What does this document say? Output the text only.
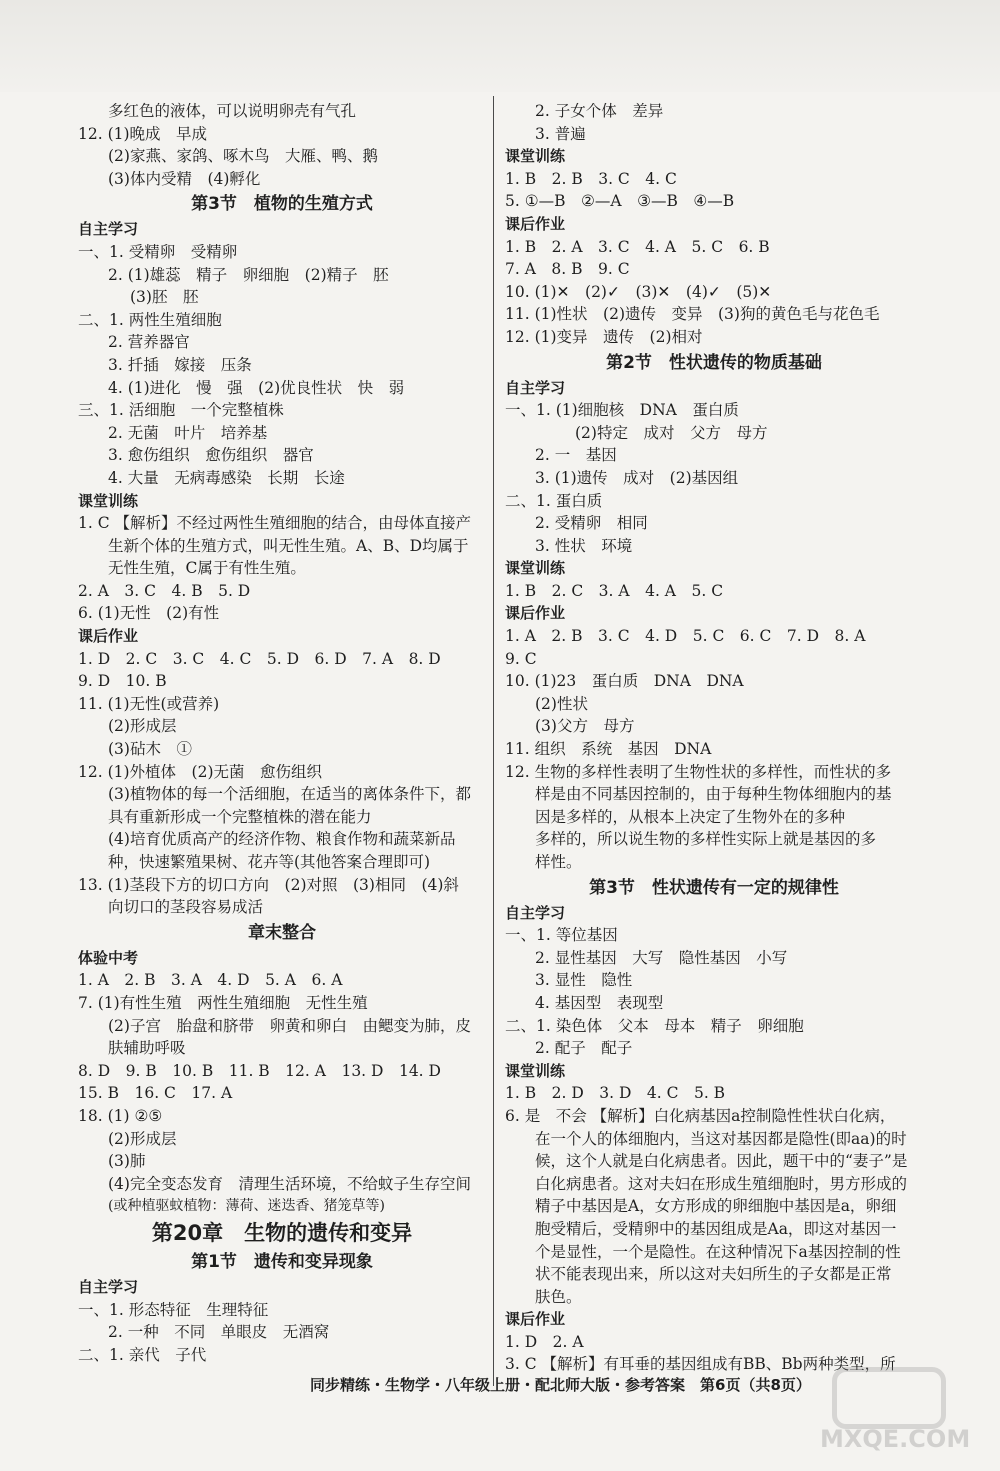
多红色的液体，可以说明卵壳有气孔
12. (1)晚成　早成
(2)家燕、家鸽、啄木鸟　大雁、鸭、鹅
(3)体内受精　(4)孵化
第3节　植物的生殖方式
自主学习
一、1. 受精卵　受精卵
2. (1)雄蕊　精子　卵细胞　(2)精子　胚
(3)胚　胚
二、1. 两性生殖细胞
2. 营养器官
3. 扦插　嫁接　压条
4. (1)进化　慢　强　(2)优良性状　快　弱
三、1. 活细胞　一个完整植株
2. 无菌　叶片　培养基
3. 愈伤组织　愈伤组织　器官
4. 大量　无病毒感染　长期　长途
课堂训练
1. C 【解析】不经过两性生殖细胞的结合，由母体直接产
生新个体的生殖方式，叫无性生殖。A、B、D均属于
无性生殖，C属于有性生殖。
2. A　3. C　4. B　5. D
6. (1)无性　(2)有性
课后作业
1. D　2. C　3. C　4. C　5. D　6. D　7. A　8. D
9. D　10. B
11. (1)无性(或营养)
(2)形成层
(3)砧木　①
12. (1)外植体　(2)无菌　愈伤组织
(3)植物体的每一个活细胞，在适当的离体条件下，都
具有重新形成一个完整植株的潜在能力
(4)培育优质高产的经济作物、粮食作物和蔬菜新品
种，快速繁殖果树、花卉等(其他答案合理即可)
13. (1)茎段下方的切口方向　(2)对照　(3)相同　(4)斜
向切口的茎段容易成活
章末整合
体验中考
1. A　2. B　3. A　4. D　5. A　6. A
7. (1)有性生殖　两性生殖细胞　无性生殖
(2)子宫　胎盘和脐带　卵黄和卵白　由鳃变为肺，皮
肤辅助呼吸
8. D　9. B　10. B　11. B　12. A　13. D　14. D
15. B　16. C　17. A
18. (1) ②⑤
(2)形成层
(3)肺
(4)完全变态发育　清理生活环境，不给蚊子生存空间
(或种植驱蚊植物：薄荷、迷迭香、猪笼草等)
第20章　生物的遗传和变异
第1节　遗传和变异现象
自主学习
一、1. 形态特征　生理特征
2. 一种　不同　单眼皮　无酒窝
二、1. 亲代　子代
2. 子女个体　差异
3. 普遍
课堂训练
1. B　2. B　3. C　4. C
5. ①—B　②—A　③—B　④—B
课后作业
1. B　2. A　3. C　4. A　5. C　6. B
7. A　8. B　9. C
10. (1)✕　(2)✓　(3)✕　(4)✓　(5)✕
11. (1)性状　(2)遗传　变异　(3)狗的黄色毛与花色毛
12. (1)变异　遗传　(2)相对
第2节　性状遗传的物质基础
自主学习
一、1. (1)细胞核　DNA　蛋白质
(2)特定　成对　父方　母方
2. 一　基因
3. (1)遗传　成对　(2)基因组
二、1. 蛋白质
2. 受精卵　相同
3. 性状　环境
课堂训练
1. B　2. C　3. A　4. A　5. C
课后作业
1. A　2. B　3. C　4. D　5. C　6. C　7. D　8. A
9. C
10. (1)23　蛋白质　DNA　DNA
(2)性状
(3)父方　母方
11. 组织　系统　基因　DNA
12. 生物的多样性表明了生物性状的多样性，而性状的多
样是由不同基因控制的，由于每种生物体细胞内的基
因是多样的，从根本上决定了生物外在的多种
多样的，所以说生物的多样性实际上就是基因的多
样性。
第3节　性状遗传有一定的规律性
自主学习
一、1. 等位基因
2. 显性基因　大写　隐性基因　小写
3. 显性　隐性
4. 基因型　表现型
二、1. 染色体　父本　母本　精子　卵细胞
2. 配子　配子
课堂训练
1. B　2. D　3. D　4. C　5. B
6. 是　不会 【解析】白化病基因a控制隐性性状白化病，
在一个人的体细胞内，当这对基因都是隐性(即aa)的时
候，这个人就是白化病患者。因此，题干中的“妻子”是
白化病患者。这对夫妇在形成生殖细胞时，男方形成的
精子中基因是A，女方形成的卵细胞中基因是a，卵细
胞受精后，受精卵中的基因组成是Aa，即这对基因一
个是显性，一个是隐性。在这种情况下a基因控制的性
状不能表现出来，所以这对夫妇所生的子女都是正常
肤色。
课后作业
1. D　2. A
3. C 【解析】有耳垂的基因组成有BB、Bb两种类型，所
同步精练・生物学・八年级上册・配北师大版・参考答案　第6页（共8页）
MXQE.COM
